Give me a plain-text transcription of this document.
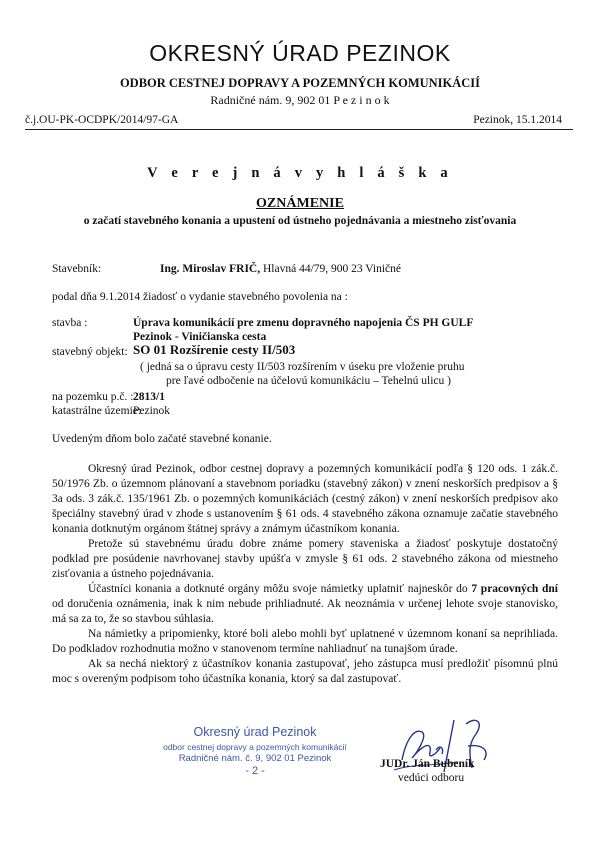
OKRESNÝ ÚRAD PEZINOK
ODBOR CESTNEJ DOPRAVY A POZEMNÝCH KOMUNIKÁCIÍ
Radničné nám. 9, 902 01 P e z i n o k
č.j.OU-PK-OCDPK/2014/97-GA	Pezinok, 15.1.2014
V e r e j n á v y h l á š k a
OZNÁMENIE
o začatí stavebného konania a upustení od ústneho pojednávania a miestneho zisťovania
Stavebník:	Ing. Miroslav FRIČ, Hlavná 44/79, 900 23 Viničné
podal dňa 9.1.2014 žiadosť o vydanie stavebného povolenia na :
stavba :	Úprava komunikácií pre zmenu dopravného napojenia ČS PH GULF
Pezinok - Viničianska cesta
stavebný objekt: SO 01 Rozšírenie cesty II/503
( jedná sa o úpravu cesty II/503 rozšírením v úseku pre vloženie pruhu
pre ľavé odbočenie na účelovú komunikáciu – Tehelnú ulicu )
na pozemku p.č. : 2813/1
katastrálne územie:
Pezinok
Uvedeným dňom bolo začaté stavebné konanie.

Okresný úrad Pezinok, odbor cestnej dopravy a pozemných komunikácií podľa § 120 ods. 1 zák.č. 50/1976 Zb. o územnom plánovaní a stavebnom poriadku (stavebný zákon) v znení neskorších predpisov a § 3a ods. 3 zák.č. 135/1961 Zb. o pozemných komunikáciách (cestný zákon) v znení neskorších predpisov ako špeciálny stavebný úrad v zhode s ustanovením § 61 ods. 4 stavebného zákona oznamuje začatie stavebného konania dotknutým orgánom štátnej správy a známym účastníkom konania.

Pretože sú stavebnému úradu dobre známe pomery staveniska a žiadosť poskytuje dostatočný podklad pre posúdenie navrhovanej stavby upúšťa v zmysle § 61 ods. 2 stavebného zákona od miestneho zisťovania a ústneho pojednávania.

Účastníci konania a dotknuté orgány môžu svoje námietky uplatniť najneskôr do 7 pracovných dní od doručenia oznámenia, inak k nim nebude prihliadnuté. Ak neoznámia v určenej lehote svoje stanovisko, má sa za to, že so stavbou súhlasia.

Na námietky a pripomienky, ktoré boli alebo mohli byť uplatnené v územnom konaní sa neprihliada. Do podkladov rozhodnutia možno v stanovenom termíne nahliadnuť na tunajšom úrade.

Ak sa nechá niektorý z účastníkov konania zastupovať, jeho zástupca musí predložiť písomnú plnú moc s overeným podpisom toho účastníka konania, ktorý sa dal zastupovať.

Okresný úrad Pezinok
odbor cestnej dopravy a pozemných komunikácií
Radničné nám. č. 9, 902 01 Pezinok
- 2 -
JUDr. Ján Bubeník
vedúci odboru
